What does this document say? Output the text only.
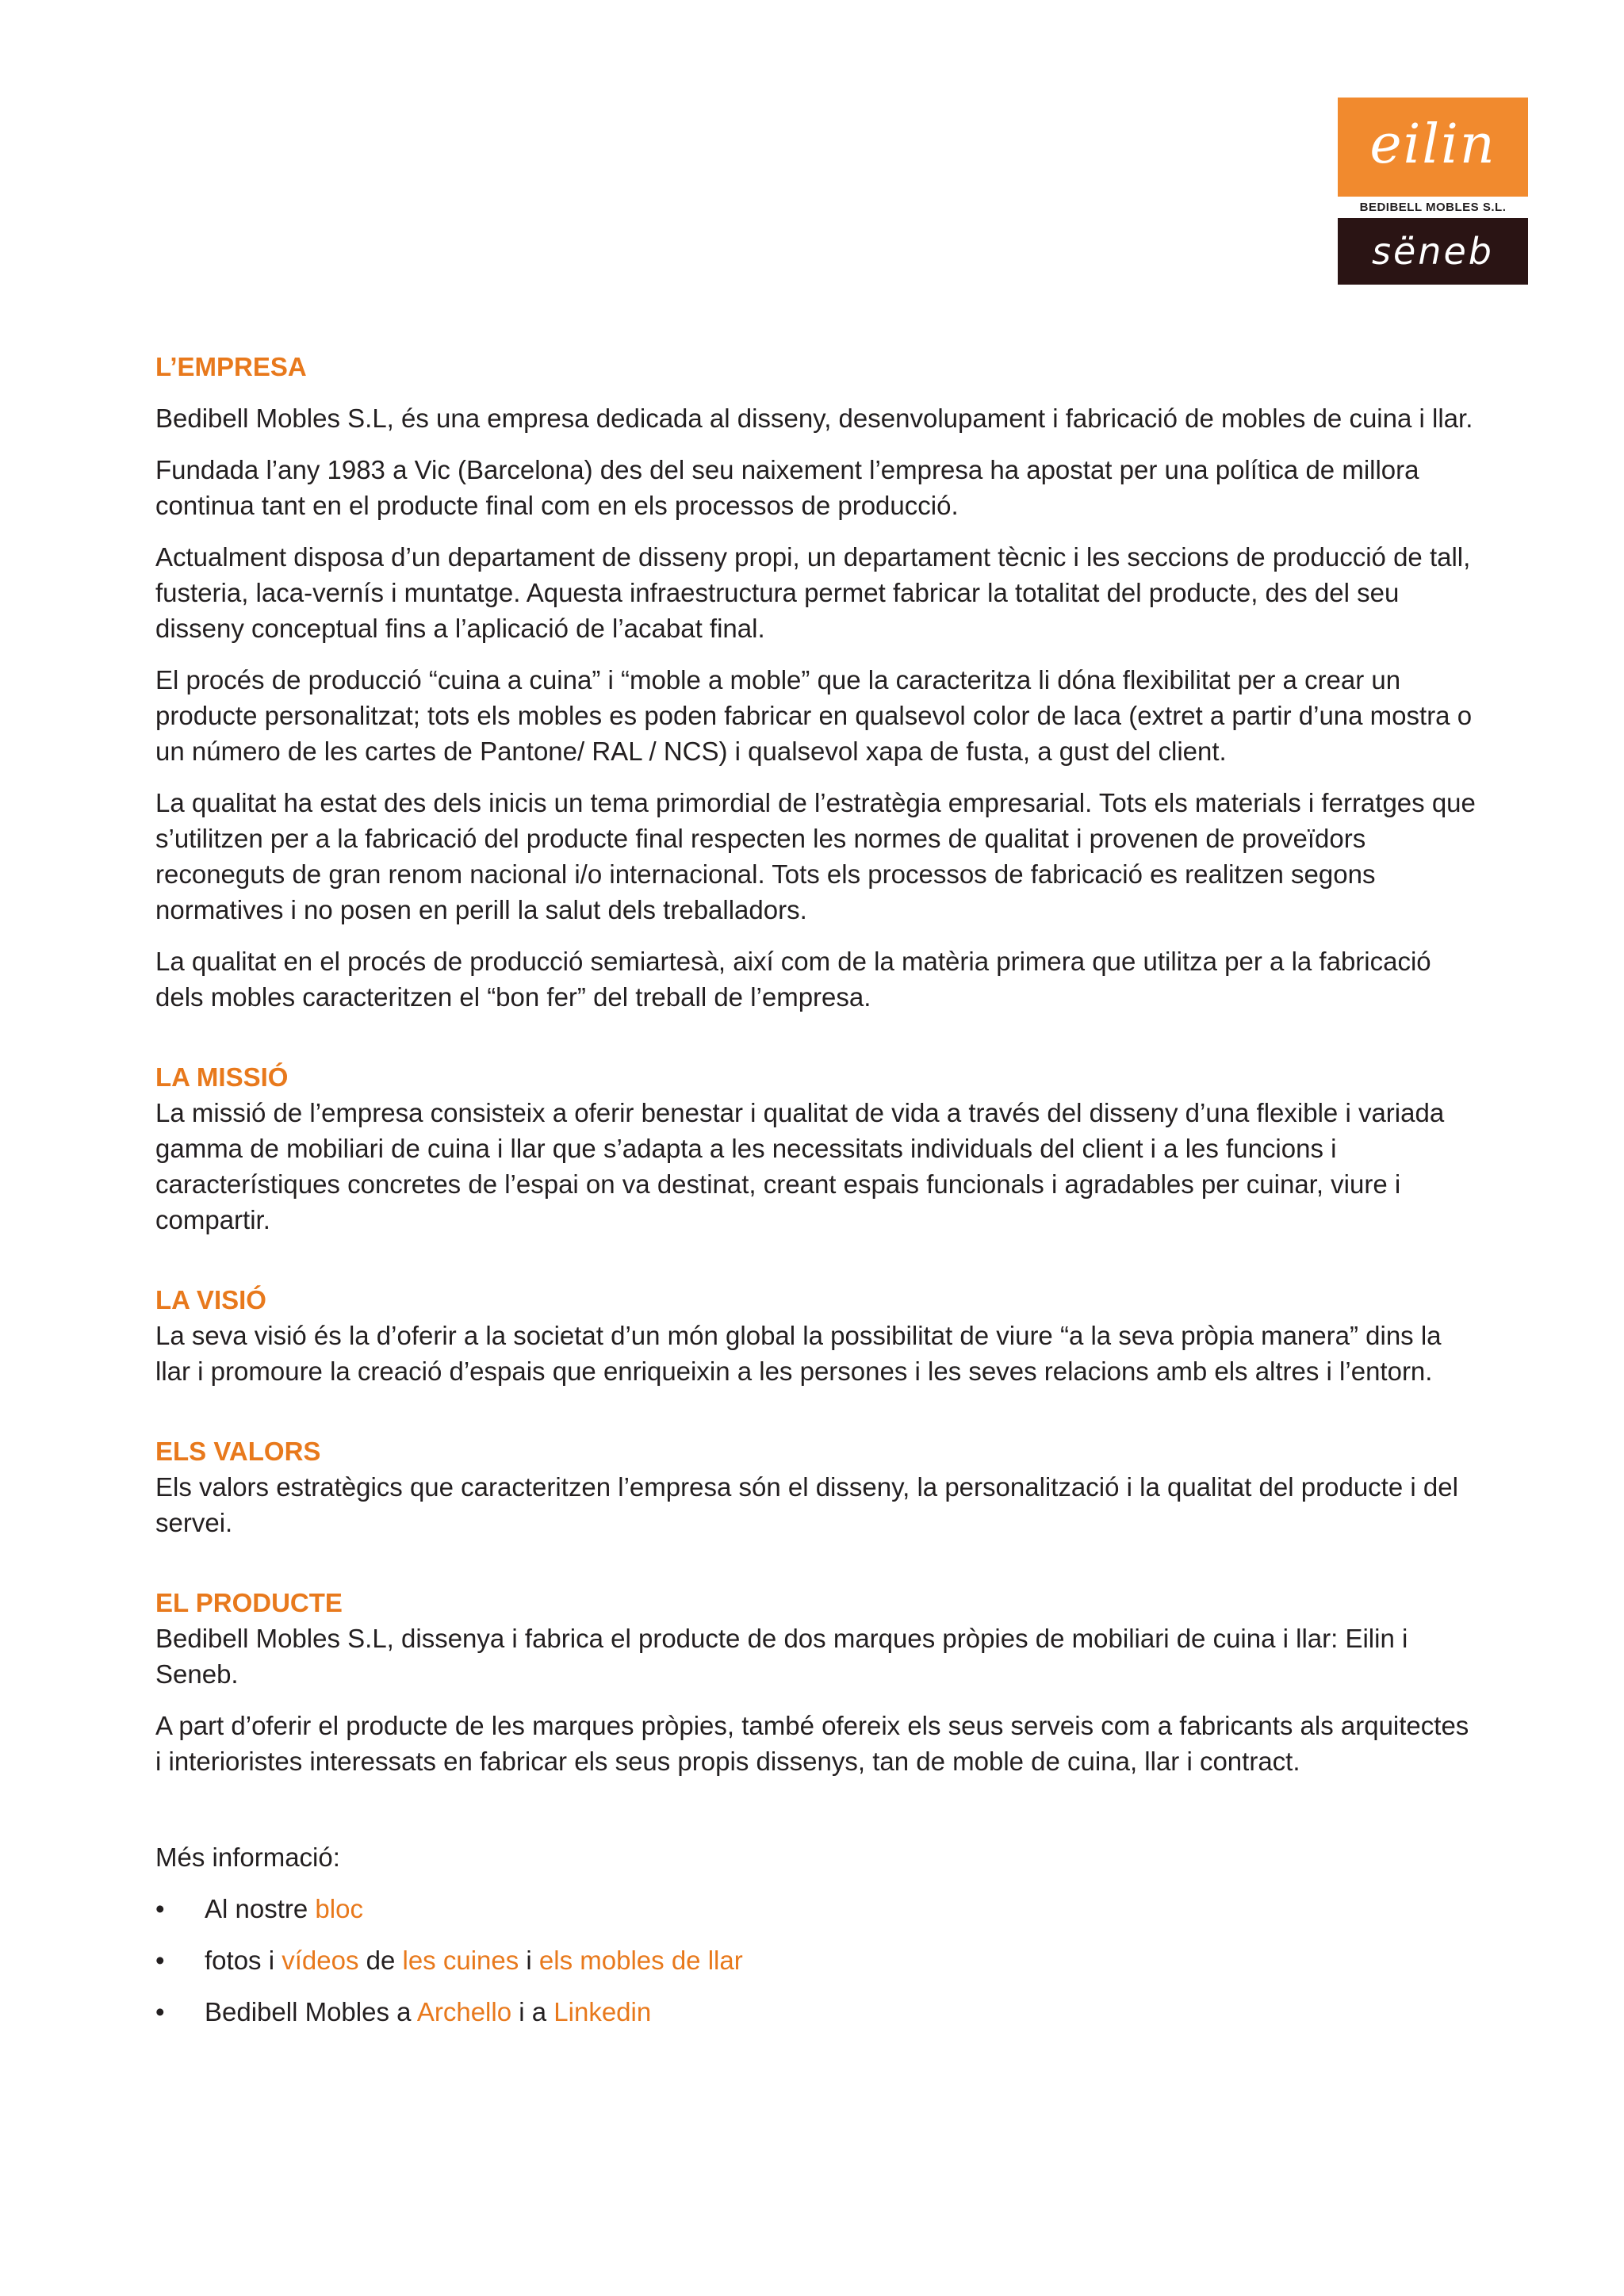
eilin
BEDIBELL MOBLES S.L.
sëneb
L’EMPRESA

Bedibell Mobles S.L, és una empresa dedicada al disseny, desenvolupament i fabricació de mobles de cuina i llar.

Fundada l’any 1983 a Vic (Barcelona) des del seu naixement l’empresa ha apostat per una política de millora continua tant en el producte final com en els processos de producció.

Actualment disposa d’un departament de disseny propi, un departament tècnic i les seccions de producció de tall, fusteria, laca-vernís i muntatge. Aquesta infraestructura permet fabricar la totalitat del producte, des del seu disseny conceptual fins a l’aplicació de l’acabat final.

El procés de producció “cuina a cuina” i “moble a moble” que la caracteritza li dóna flexibilitat per a crear un producte personalitzat; tots els mobles es poden fabricar en qualsevol color de laca (extret a partir d’una mostra o un número de les cartes de Pantone/ RAL / NCS) i qualsevol xapa de fusta, a gust del client.

La qualitat ha estat des dels inicis un tema primordial de l’estratègia empresarial. Tots els materials i ferratges que s’utilitzen per a la fabricació del producte final respecten les normes de qualitat i provenen de proveïdors reconeguts de gran renom nacional i/o internacional. Tots els processos de fabricació es realitzen segons normatives i no posen en perill la salut dels treballadors.

La qualitat en el procés de producció semiartesà, així com de la matèria primera que utilitza per a la fabricació dels mobles caracteritzen el “bon fer” del treball de l’empresa.

LA MISSIÓ

La missió de l’empresa consisteix a oferir benestar i qualitat de vida a través del disseny d’una flexible i variada gamma de mobiliari de cuina i llar que s’adapta a les necessitats individuals del client i a les funcions i característiques concretes de l’espai on va destinat, creant espais funcionals i agradables per cuinar, viure i compartir.

LA VISIÓ

La seva visió és la d’oferir a la societat d’un món global la possibilitat de viure “a la seva pròpia manera” dins la llar i promoure la creació d’espais que enriqueixin a les persones i les seves relacions amb els altres i l’entorn.

ELS VALORS

Els valors estratègics que caracteritzen l’empresa són el disseny, la personalització i la qualitat del producte i del servei.

EL PRODUCTE

Bedibell Mobles S.L, dissenya i fabrica el producte de dos marques pròpies de mobiliari de cuina i llar: Eilin i Seneb.

A part d’oferir el producte de les marques pròpies, també ofereix els seus serveis com a fabricants als arquitectes i interioristes interessats en fabricar els seus propis dissenys, tan de moble de cuina, llar i contract.

Més informació:

• Al nostre bloc
• fotos i vídeos de les cuines i els mobles de llar
• Bedibell Mobles a Archello i a Linkedin
